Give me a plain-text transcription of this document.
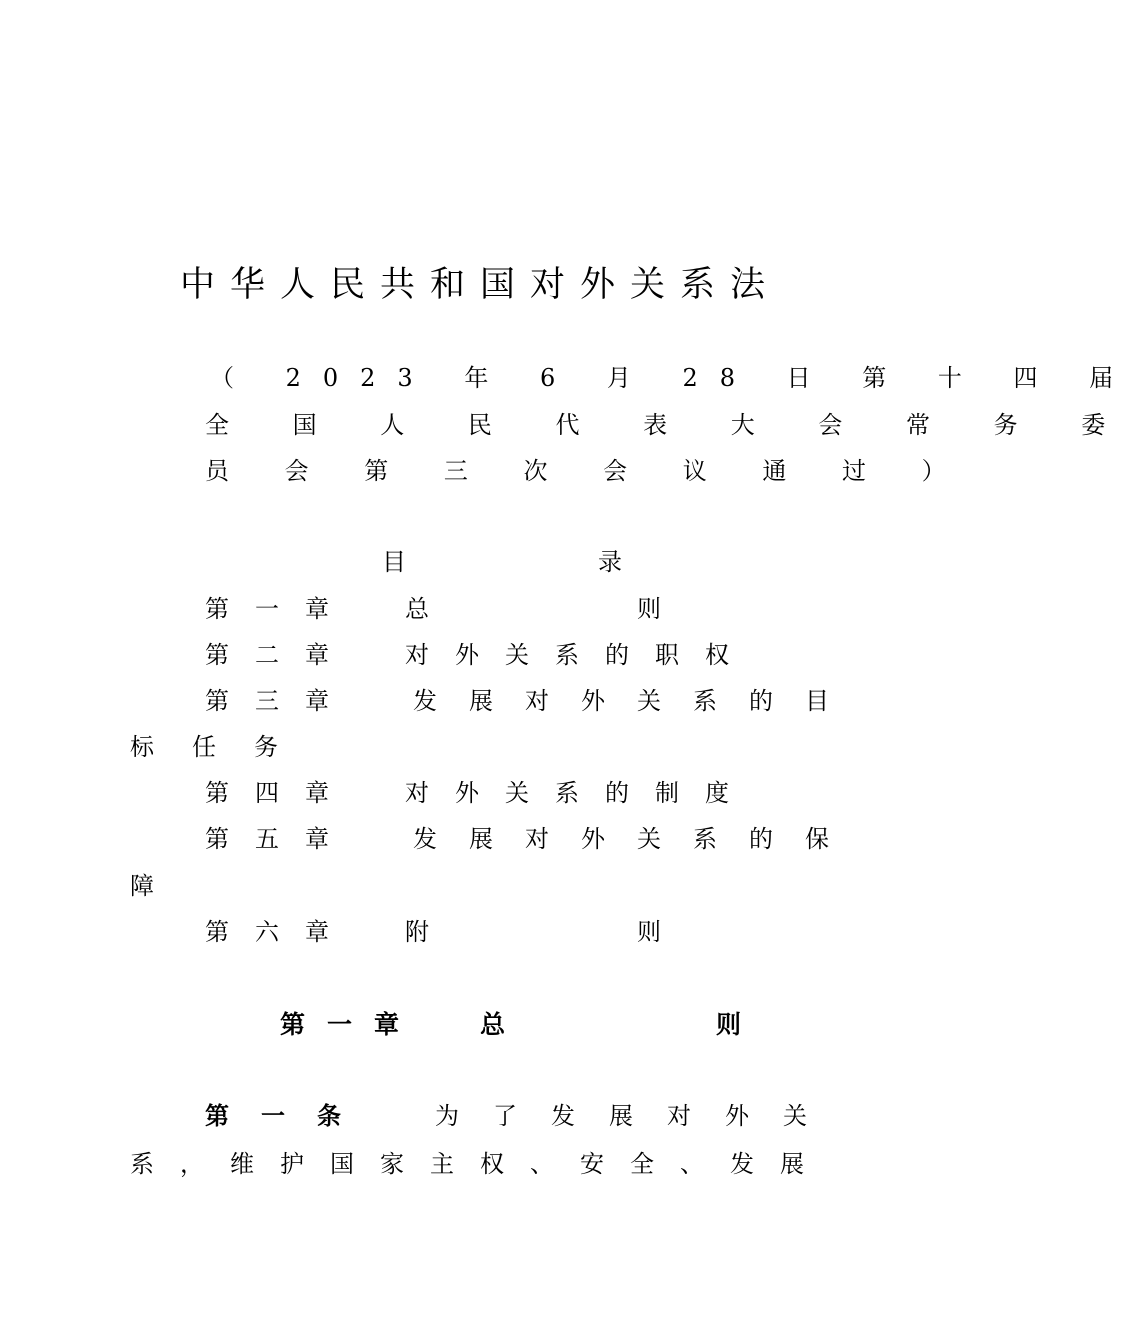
中华人民共和国对外关系法
（ 2023 年 6 月 28 日 第 十 四 届
全 国 人 民 代 表 大 会 常 务 委
员 会 第 三 次 会 议 通 过 ）
目　　　录
第一章 总　　　则
第二章 对外关系的职权
第三章 发展对外关系的目
标任务
第四章 对外关系的制度
第五章 发展对外关系的保
障
第六章 附　　　则
第一章 总　　　则
第一条	为了发展对外关
系，维护国家主权、安全、发展
